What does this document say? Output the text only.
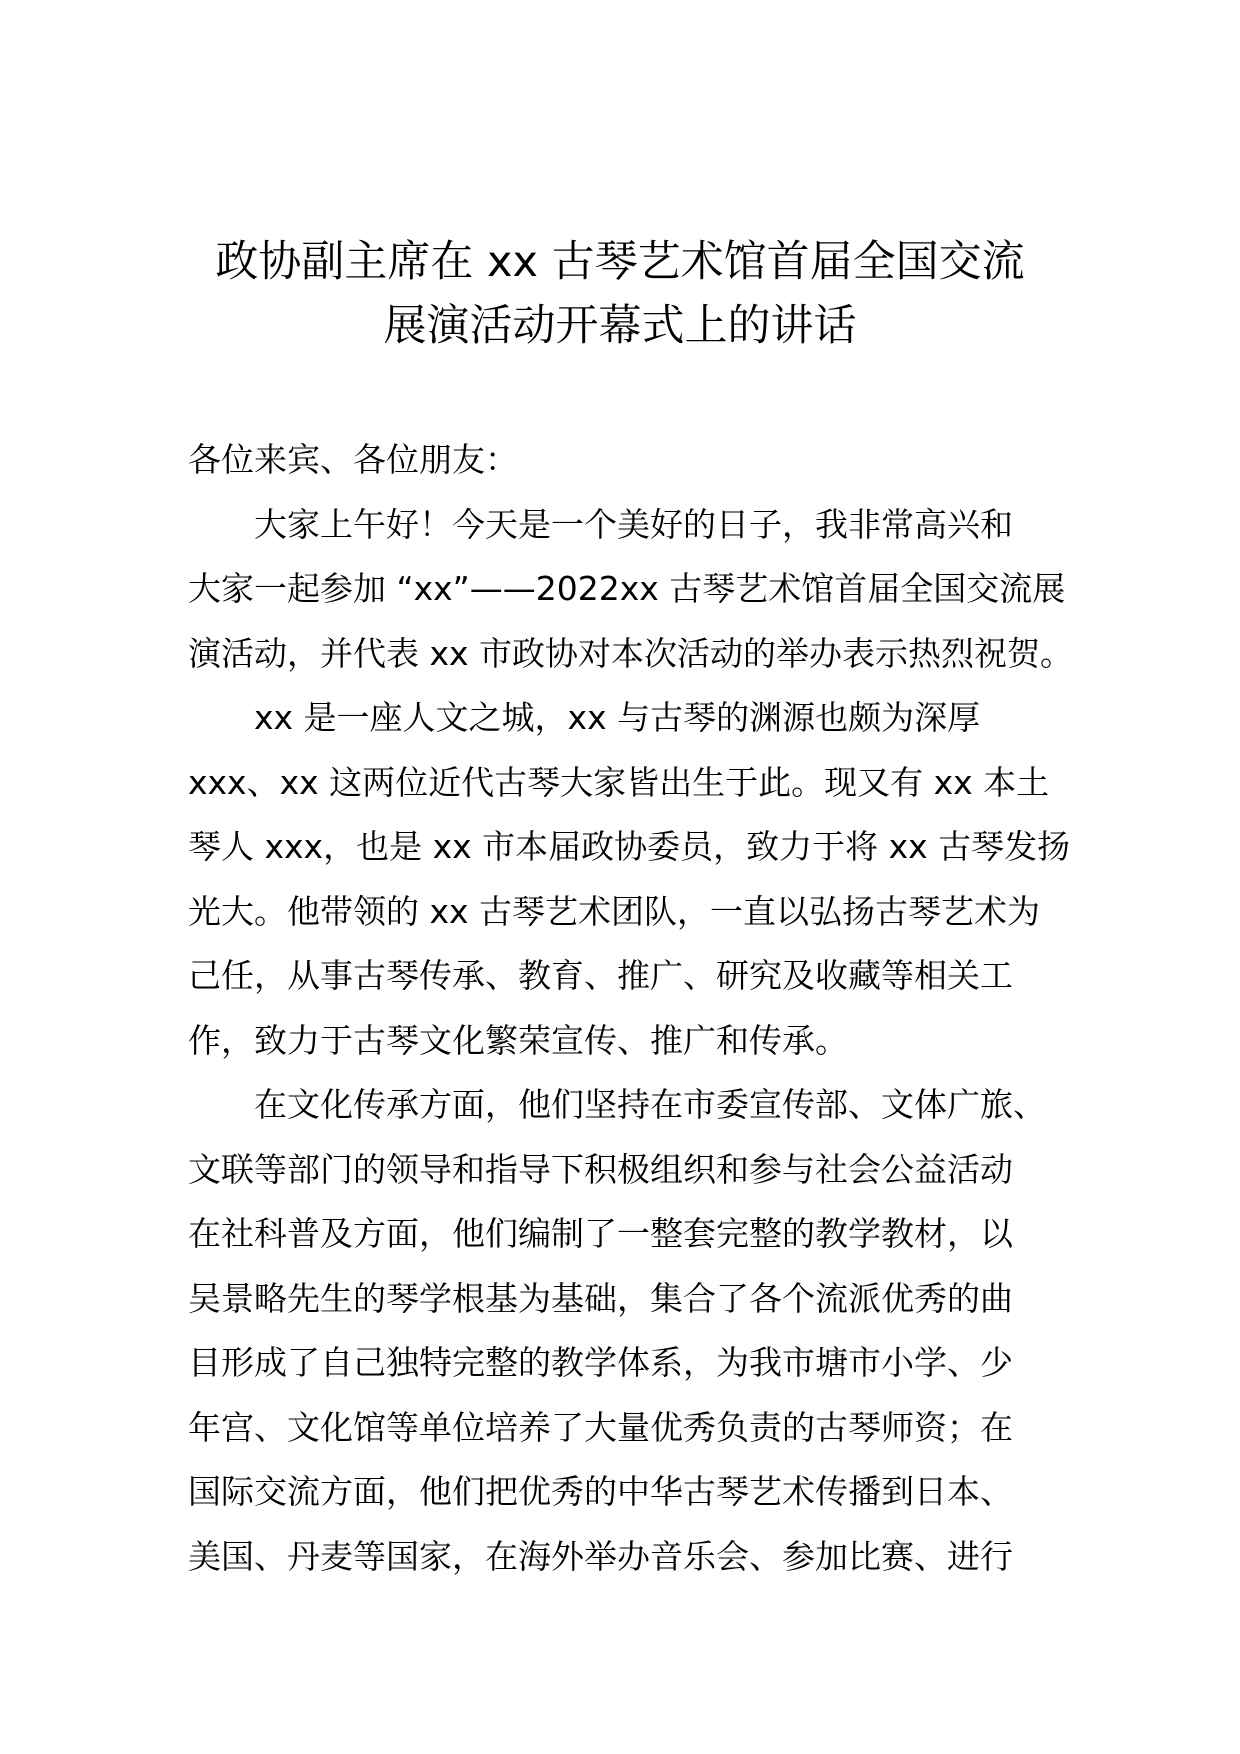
政协副主席在 xx 古琴艺术馆首届全国交流
展演活动开幕式上的讲话
各位来宾、各位朋友：
大家上午好！今天是一个美好的日子，我非常高兴和
大家一起参加 “xx”——2022xx 古琴艺术馆首届全国交流展
演活动，并代表 xx 市政协对本次活动的举办表示热烈祝贺。
xx 是一座人文之城，xx 与古琴的渊源也颇为深厚
xxx、xx 这两位近代古琴大家皆出生于此。现又有 xx 本土
琴人 xxx，也是 xx 市本届政协委员，致力于将 xx 古琴发扬
光大。他带领的 xx 古琴艺术团队，一直以弘扬古琴艺术为
己任，从事古琴传承、教育、推广、研究及收藏等相关工
作，致力于古琴文化繁荣宣传、推广和传承。
在文化传承方面，他们坚持在市委宣传部、文体广旅、
文联等部门的领导和指导下积极组织和参与社会公益活动
在社科普及方面，他们编制了一整套完整的教学教材，以
吴景略先生的琴学根基为基础，集合了各个流派优秀的曲
目形成了自己独特完整的教学体系，为我市塘市小学、少
年宫、文化馆等单位培养了大量优秀负责的古琴师资；在
国际交流方面，他们把优秀的中华古琴艺术传播到日本、
美国、丹麦等国家，在海外举办音乐会、参加比赛、进行
